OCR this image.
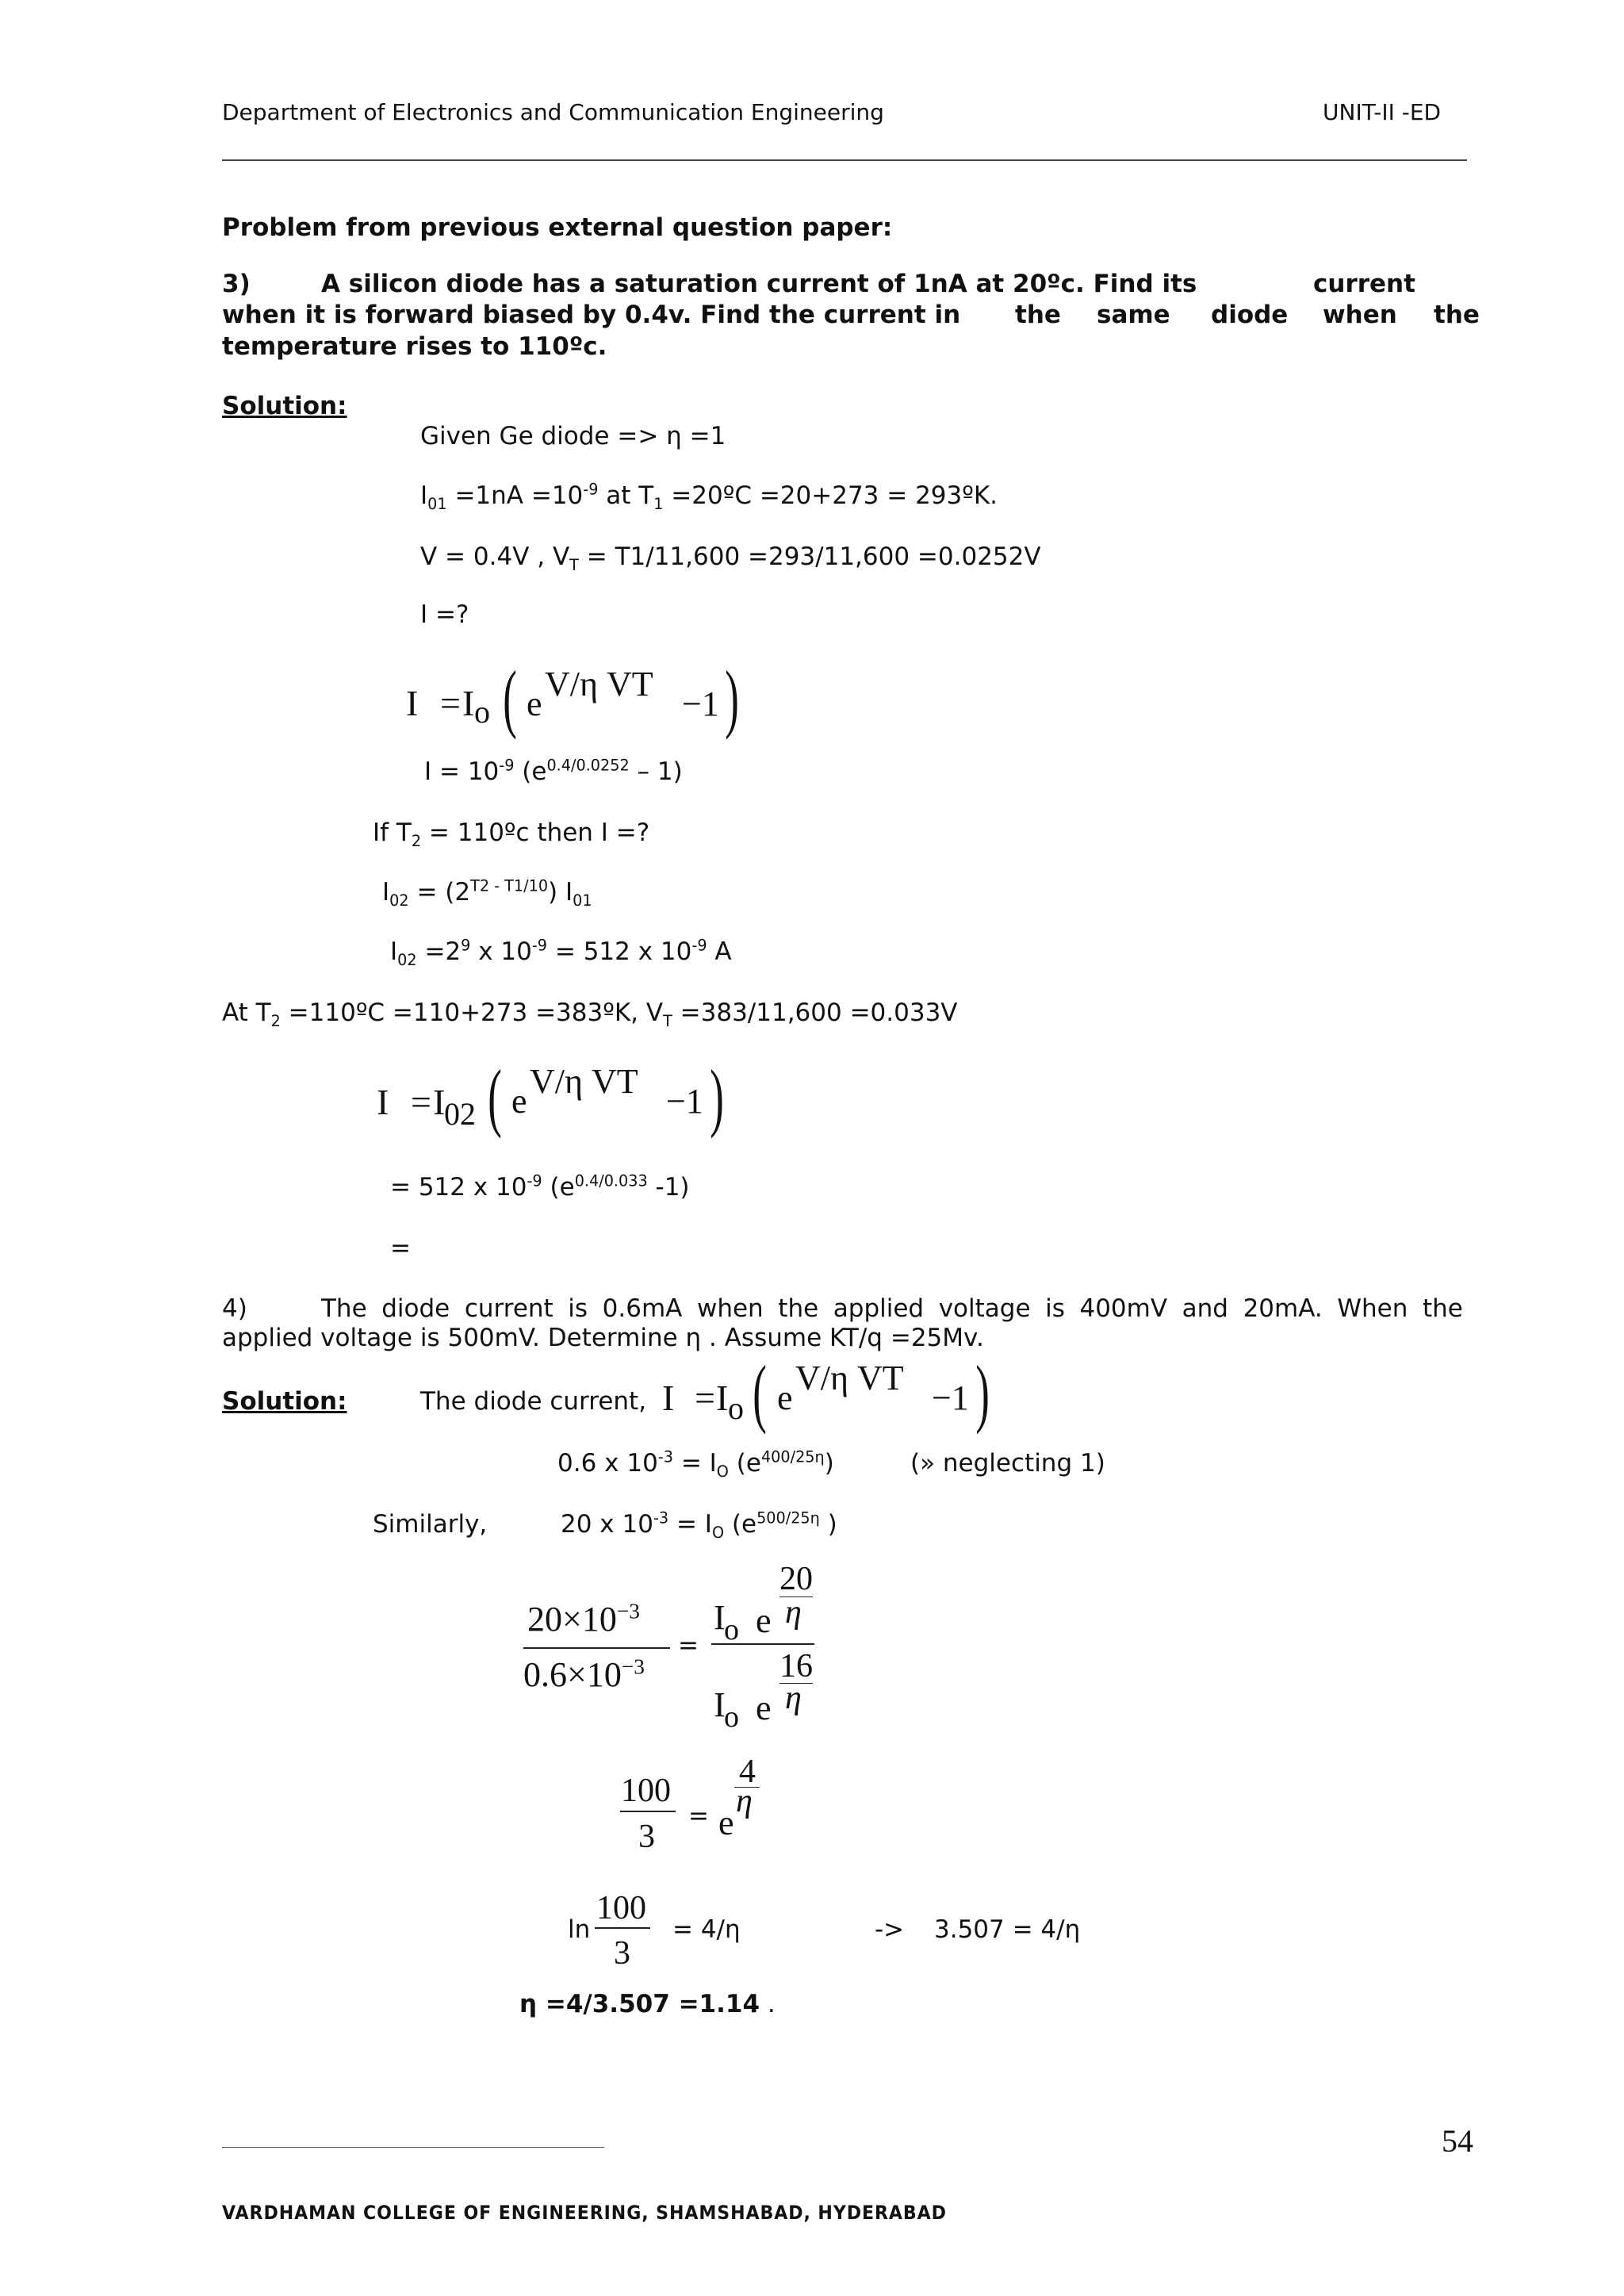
Department of Electronics and Communication Engineering	UNIT-II -ED
Problem from previous external question paper:
3)	A silicon diode has a saturation current of 1nA at 20ºc. Find its	current
when it is forward biased by 0.4v. Find the current in the same diode when the
temperature rises to 110ºc.
Solution:
Given Ge diode => η =1
$I_{01} =1nA =10^{-9}$ at $T_1$ =20ºC =20+273 = 293ºK.
V = 0.4V , $V_T = T1/11,600 =293/11,600 =0.0252V$
I =?
I = I o ( e
V/η VT
−1 )
$I = 10^{-9}$ $(e^{0.4/0.0252} - 1)$
If $T_2$ = 110ºc then I =?
$I_{02} = (2^{T2 - T1/10})$ $I_{01}$
$I_{02} =2^9$ x $10^{-9} = 512$ x $10^{-9}$ A
At $T_2$ =110ºC =110+273 =383ºK, $V_T =383/11,600 =0.033V$
I = I
02 ( e
V/η VT
−1 )
= 512 x $10^{-9}$ ($e^{0.4/0.033}$ -1)
=
4)	The diode current is 0.6mA when the applied voltage is 400mV and 20mA. When the
applied voltage is 500mV. Determine η . Assume KT/q =25Mv.
Solution:	The diode current, I = I o ( e
V/η VT
−1 )
0.6 x $10^{-3} = I_O$ $(e^{400/25\eta})$	(» neglecting 1)
Similarly,	20 x $10^{-3} = I_O$ ($e^{500/25\eta}$ )
$20\times 10^{-3}$
$0.6\times 10^{-3}$
=
20
η
I
o e
16
η
I
o e
100
3
= e
4
η
ln
100
3
= 4/η	-> 3.507 = 4/η
η =4/3.507 =1.14 .
54
VARDHAMAN COLLEGE OF ENGINEERING, SHAMSHABAD, HYDERABAD
